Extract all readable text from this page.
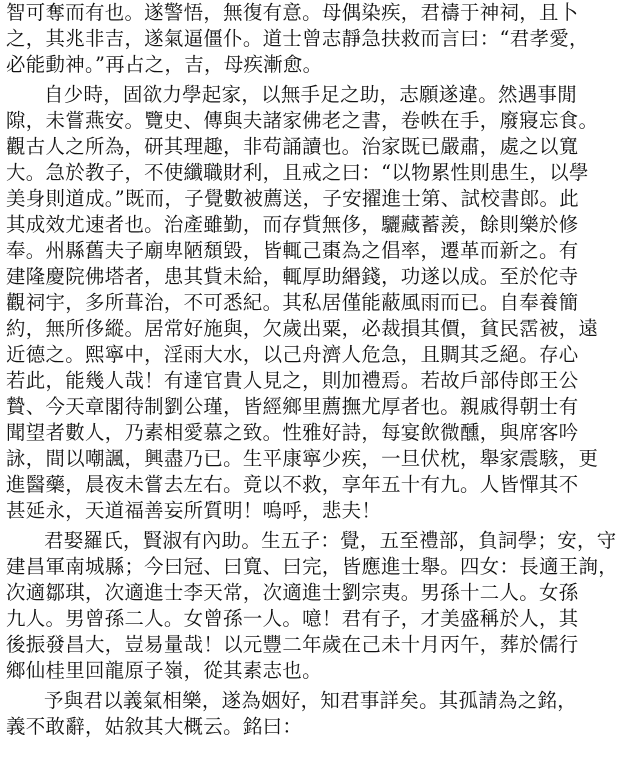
智可奪而有也。遂警悟，無復有意。母偶染疾，君禱于神祠，且卜
之，其兆非吉，遂氣逼僵仆。道士曾志靜急扶救而言曰：“君孝愛，
必能動神。”再占之，吉，母疾漸愈。
自少時，固欲力學起家，以無手足之助，志願遂違。然遇事閒
隙，未嘗燕安。覽史、傳與夫諸家佛老之書，卷帙在手，廢寢忘食。
觀古人之所為，研其理趣，非苟誦讀也。治家既已嚴肅，處之以寬
大。急於教子，不使纖職財利，且戒之曰：“以物累性則患生，以學
美身則道成。”既而，子覺數被薦送，子安擢進士第、試校書郎。此
其成效尤速者也。治產雖勤，而存貲無侈，驪藏蓄羨，餘則樂於修
奉。州縣舊夫子廟卑陋頹毀，皆輒己棗為之倡率，遷革而新之。有
建隆慶院佛塔者，患其貲未給，輒厚助緡錢，功遂以成。至於佗寺
觀祠宇，多所葺治，不可悉紀。其私居僅能蔽風雨而已。自奉養簡
約，無所侈縱。居常好施與，欠歲出粟，必裁損其價，貧民霑被，遠
近德之。熙寧中，淫雨大水，以己舟濟人危急，且賙其乏絕。存心
若此，能幾人哉！有達官貴人見之，則加禮焉。若故戶部侍郎王公
贄、今天章閣待制劉公瑾，皆經鄉里薦撫尤厚者也。親戚得朝士有
聞望者數人，乃素相愛慕之致。性雅好詩，每宴飲微醺，與席客吟
詠，間以嘲諷，興盡乃已。生平康寧少疾，一旦伏枕，舉家震駭，更
進醫藥，晨夜未嘗去左右。竟以不救，享年五十有九。人皆憚其不
甚延永，天道福善妄所質明！嗚呼，悲夫！
君娶羅氏，賢淑有內助。生五子：覺，五至禮部，負詞學；安，守
建昌軍南城縣；今曰冠、曰寬、曰完，皆應進士舉。四女：長適王詢，
次適鄒琪，次適進士李天常，次適進士劉宗夷。男孫十二人。女孫
九人。男曾孫二人。女曾孫一人。噫！君有子，才美盛稱於人，其
後振發昌大，豈易量哉！以元豐二年歲在己未十月丙午，葬於儒行
鄉仙桂里回龍原子嶺，從其素志也。
予與君以義氣相樂，遂為姻好，知君事詳矣。其孤請為之銘，
義不敢辭，姑敘其大概云。銘曰：
